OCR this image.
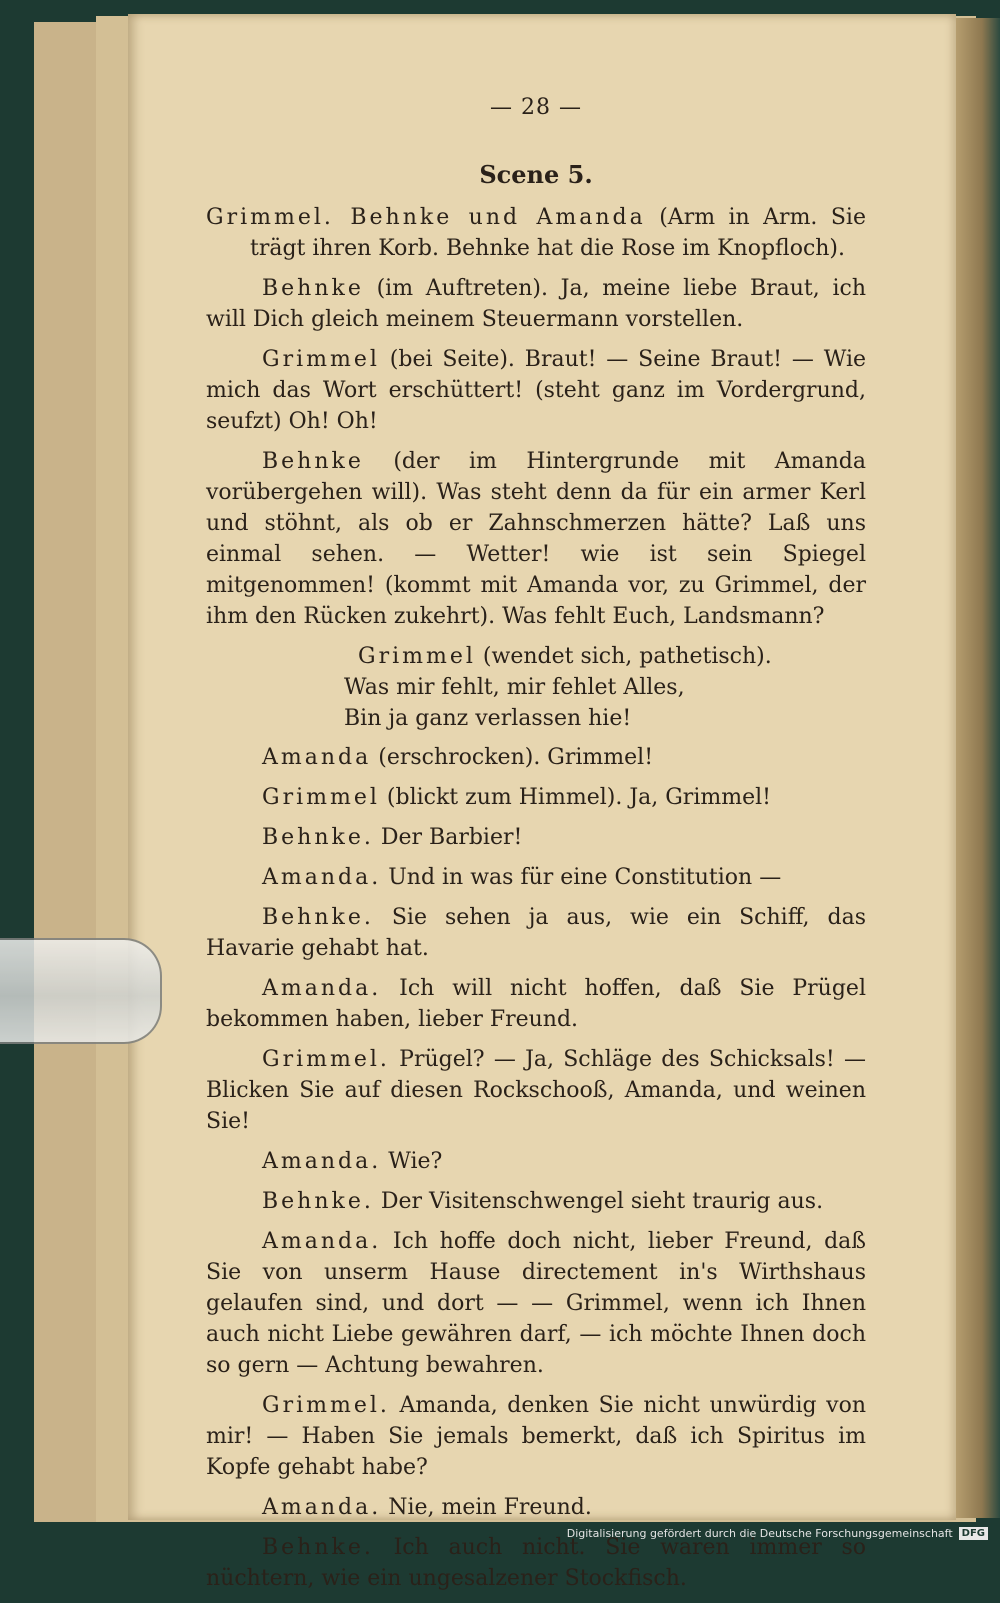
— 28 —
Scene 5.

Grimmel. Behnke und Amanda (Arm in Arm. Sie trägt ihren Korb. Behnke hat die Rose im Knopfloch).

Behnke (im Auftreten). Ja, meine liebe Braut, ich will Dich gleich meinem Steuermann vorstellen.

Grimmel (bei Seite). Braut! — Seine Braut! — Wie mich das Wort erschüttert! (steht ganz im Vordergrund, seufzt) Oh! Oh!

Behnke (der im Hintergrunde mit Amanda vorübergehen will). Was steht denn da für ein armer Kerl und stöhnt, als ob er Zahnschmerzen hätte? Laß uns einmal sehen. — Wetter! wie ist sein Spiegel mitgenommen! (kommt mit Amanda vor, zu Grimmel, der ihm den Rücken zukehrt). Was fehlt Euch, Landsmann?

Grimmel (wendet sich, pathetisch).
Was mir fehlt, mir fehlet Alles,
Bin ja ganz verlassen hie!

Amanda (erschrocken). Grimmel!

Grimmel (blickt zum Himmel). Ja, Grimmel!

Behnke. Der Barbier!

Amanda. Und in was für eine Constitution —

Behnke. Sie sehen ja aus, wie ein Schiff, das Havarie gehabt hat.

Amanda. Ich will nicht hoffen, daß Sie Prügel bekommen haben, lieber Freund.

Grimmel. Prügel? — Ja, Schläge des Schicksals! — Blicken Sie auf diesen Rockschooß, Amanda, und weinen Sie!

Amanda. Wie?

Behnke. Der Visitenschwengel sieht traurig aus.

Amanda. Ich hoffe doch nicht, lieber Freund, daß Sie von unserm Hause directement in's Wirthshaus gelaufen sind, und dort — — Grimmel, wenn ich Ihnen auch nicht Liebe gewähren darf, — ich möchte Ihnen doch so gern — Achtung bewahren.

Grimmel. Amanda, denken Sie nicht unwürdig von mir! — Haben Sie jemals bemerkt, daß ich Spiritus im Kopfe gehabt habe?

Amanda. Nie, mein Freund.

Behnke. Ich auch nicht. Sie waren immer so nüchtern, wie ein ungesalzener Stockfisch.

Digitalisierung gefördert durch die Deutsche Forschungsgemeinschaft DFG
